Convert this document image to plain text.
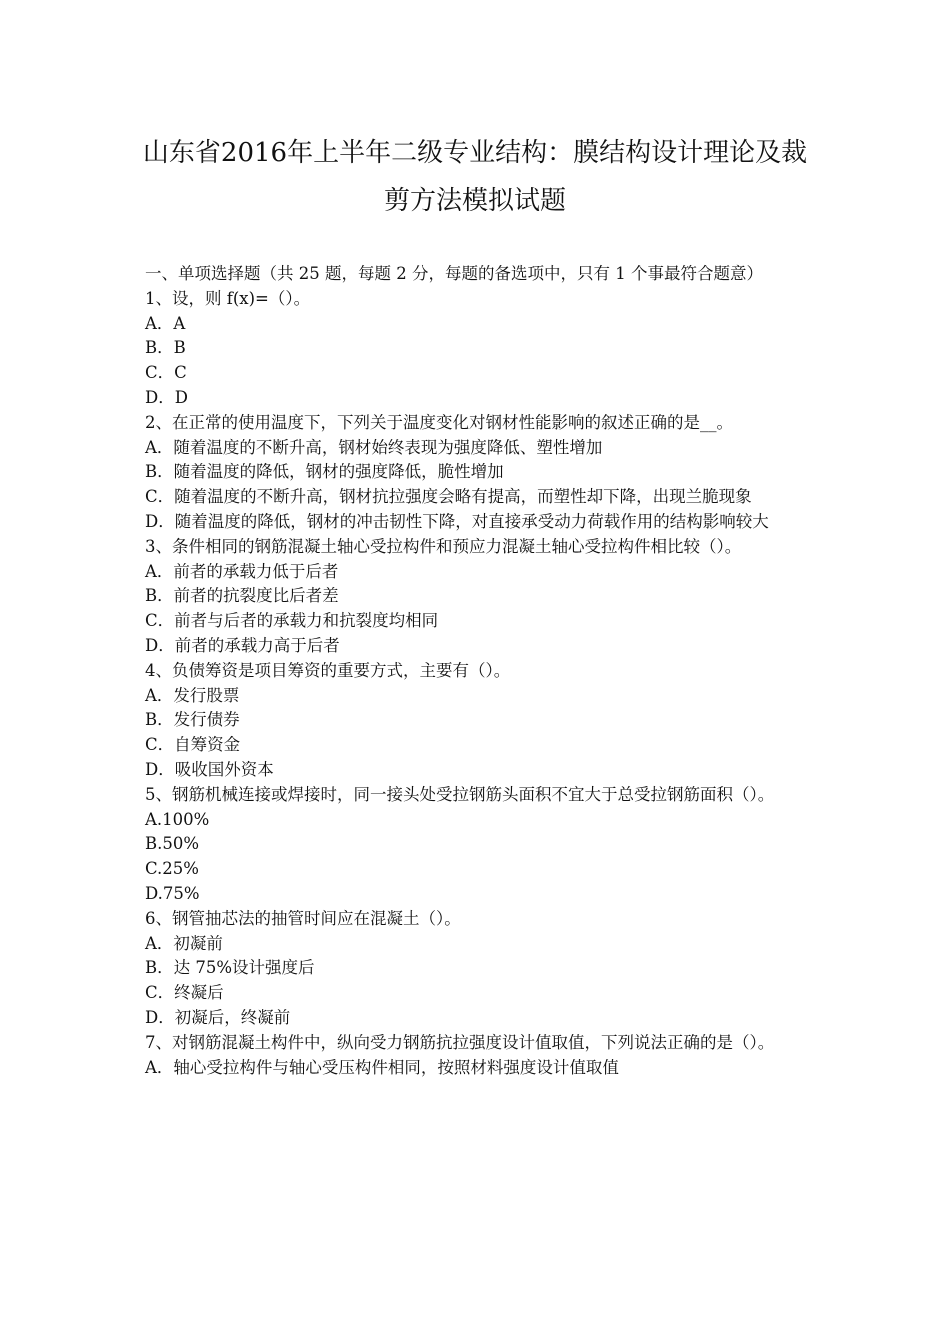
山东省2016年上半年二级专业结构：膜结构设计理论及裁
剪方法模拟试题
一、单项选择题（共 25 题，每题 2 分，每题的备选项中，只有 1 个事最符合题意）
1、设，则 f(x)=（）。
A．A
B．B
C．C
D．D
2、在正常的使用温度下，下列关于温度变化对钢材性能影响的叙述正确的是__。
A．随着温度的不断升高，钢材始终表现为强度降低、塑性增加
B．随着温度的降低，钢材的强度降低，脆性增加
C．随着温度的不断升高，钢材抗拉强度会略有提高，而塑性却下降，出现兰脆现象
D．随着温度的降低，钢材的冲击韧性下降，对直接承受动力荷载作用的结构影响较大
3、条件相同的钢筋混凝土轴心受拉构件和预应力混凝土轴心受拉构件相比较（）。
A．前者的承载力低于后者
B．前者的抗裂度比后者差
C．前者与后者的承载力和抗裂度均相同
D．前者的承载力高于后者
4、负债筹资是项目筹资的重要方式，主要有（）。
A．发行股票
B．发行债券
C．自筹资金
D．吸收国外资本
5、钢筋机械连接或焊接时，同一接头处受拉钢筋头面积不宜大于总受拉钢筋面积（）。
A.100%
B.50%
C.25%
D.75%
6、钢管抽芯法的抽管时间应在混凝土（）。
A．初凝前
B．达 75%设计强度后
C．终凝后
D．初凝后，终凝前
7、对钢筋混凝土构件中，纵向受力钢筋抗拉强度设计值取值，下列说法正确的是（）。
A．轴心受拉构件与轴心受压构件相同，按照材料强度设计值取值
